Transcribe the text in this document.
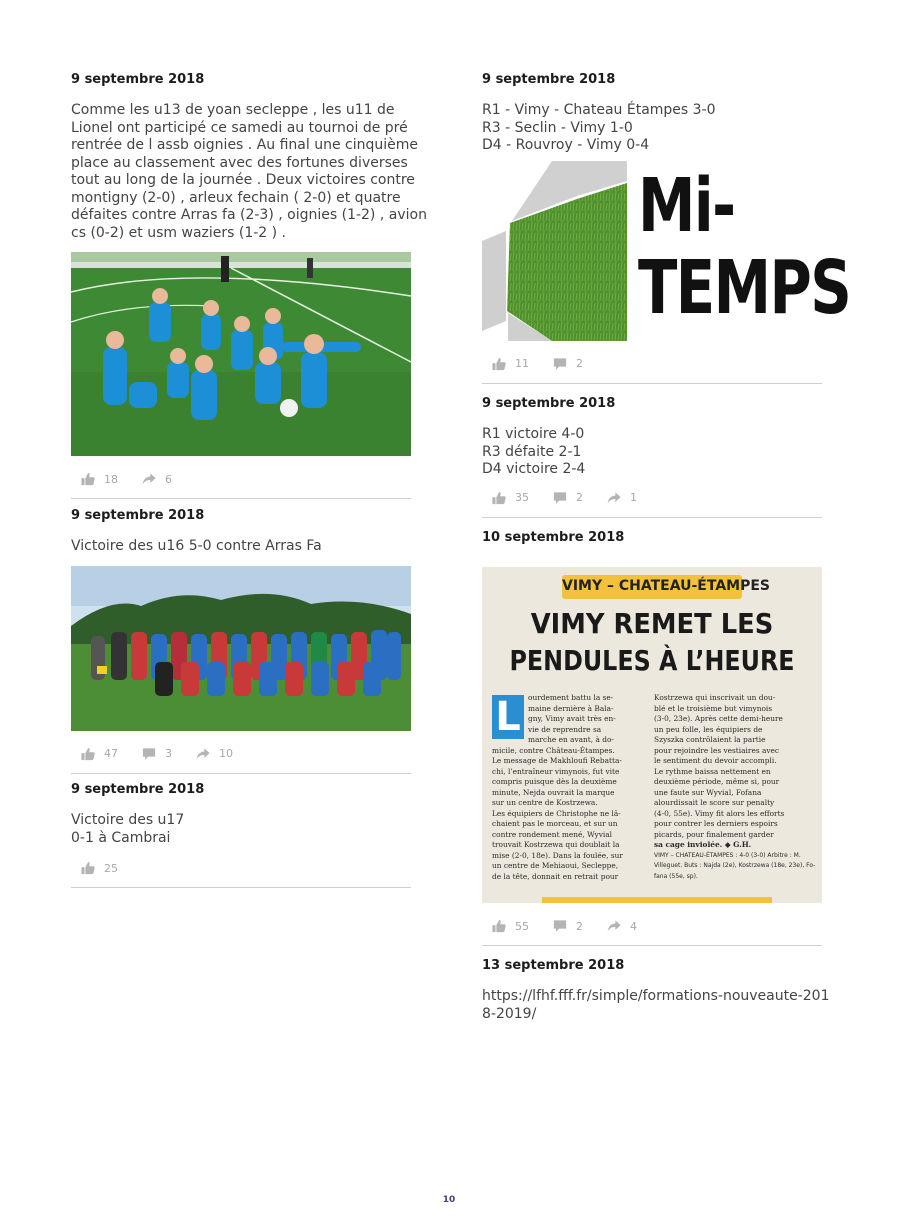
9 septembre 2018
Comme les u13 de yoan secleppe , les u11 de
Lionel ont participé ce samedi au tournoi de pré
rentrée de l assb oignies . Au final une cinquième
place au classement avec des fortunes diverses
tout au long de la journée . Deux victoires contre
montigny (2-0) , arleux fechain ( 2-0) et quatre
défaites contre Arras fa (2-3) , oignies (1-2) , avion
cs (0-2) et usm waziers (1-2 ) .
18	6
9 septembre 2018
Victoire des u16 5-0 contre Arras Fa
47	3	10
9 septembre 2018
Victoire des u17
0-1 à Cambrai
25
9 septembre 2018
R1 - Vimy - Chateau Étampes 3-0
R3 - Seclin - Vimy 1-0
D4 - Rouvroy - Vimy 0-4
Mi-
TEMPS
11	2
9 septembre 2018
R1 victoire 4-0
R3 défaite 2-1
D4 victoire 2-4
35	2	1
10 septembre 2018
VIMY – CHATEAU-ÉTAMPES
VIMY REMET LES
PENDULES À L’HEURE
L ourdement battu la se-
maine dernière à Bala-
gny, Vimy avait très en-
vie de reprendre sa
marche en avant, à do-
micile, contre Château-Étampes.
Le message de Makhloufi Rebatta-
chi, l’entraîneur vimynois, fut vite
compris puisque dès la deuxième
minute, Nejda ouvrait la marque
sur un centre de Kostrzewa.
Les équipiers de Christophe ne lâ-
chaient pas le morceau, et sur un
contre rondement mené, Wyvial
trouvait Kostrzewa qui doublait la
mise (2-0, 18e). Dans la foulée, sur
un centre de Mehiaoui, Secleppe,
de la tête, donnait en retrait pour
Kostrzewa qui inscrivait un dou-
blé et le troisième but vimynois
(3-0, 23e). Après cette demi-heure
un peu folle, les équipiers de
Szyszka contrôlaient la partie
pour rejoindre les vestiaires avec
le sentiment du devoir accompli.
Le rythme baissa nettement en
deuxième période, même si, pour
une faute sur Wyvial, Fofana
alourdissait le score sur penalty
(4-0, 55e). Vimy fit alors les efforts
pour contrer les derniers espoirs
picards, pour finalement garder
sa cage inviolée. ◆ G.H.
VIMY – CHATEAU-ÉTAMPES : 4-0 (3-0) Arbitre : M.
Villeguet. Buts : Najda (2e), Kostrzewa (18e, 23e), Fo-
fana (55e, sp).
55	2	4
13 septembre 2018
https://lfhf.fff.fr/simple/formations-nouveaute-201
8-2019/
10
